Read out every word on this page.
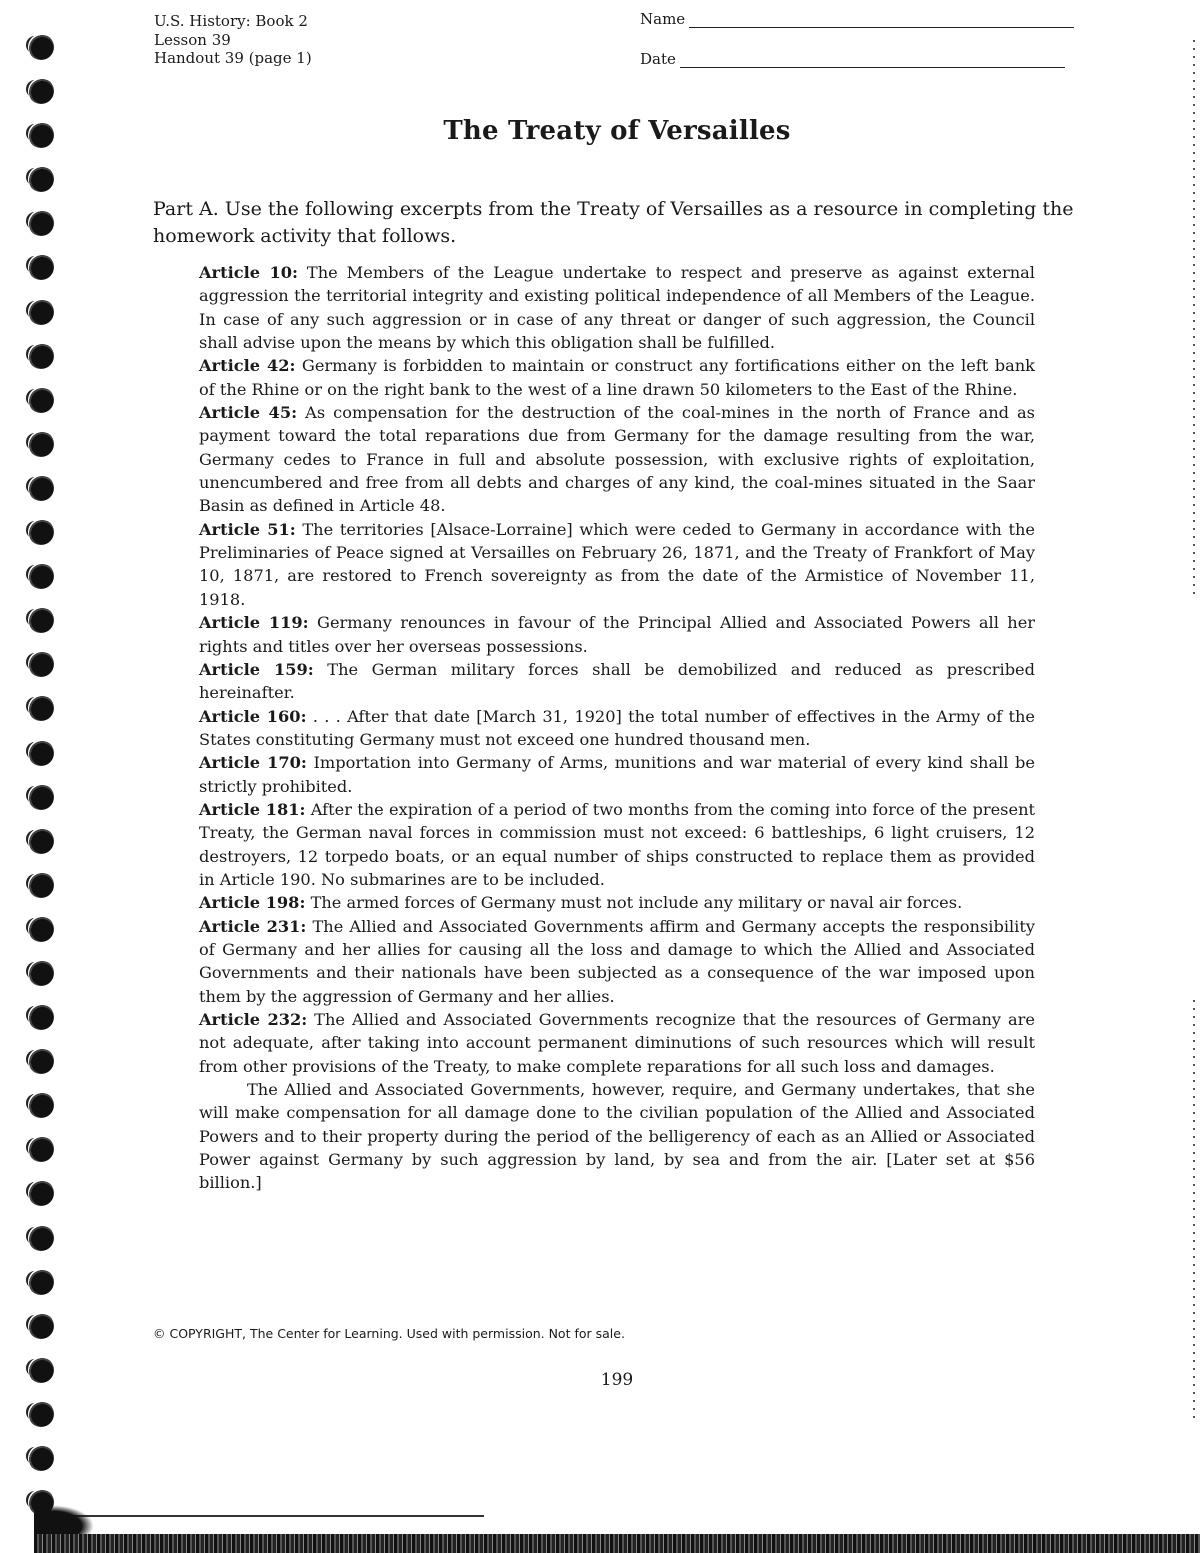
U.S. History: Book 2
Lesson 39
Handout 39 (page 1)
Name
Date
The Treaty of Versailles
Part A. Use the following excerpts from the Treaty of Versailles as a resource in completing the homework activity that follows.

Article 10: The Members of the League undertake to respect and preserve as against external aggression the territorial integrity and existing political independence of all Members of the League. In case of any such aggression or in case of any threat or danger of such aggression, the Council shall advise upon the means by which this obligation shall be fulfilled.

Article 42: Germany is forbidden to maintain or construct any fortifications either on the left bank of the Rhine or on the right bank to the west of a line drawn 50 kilometers to the East of the Rhine.

Article 45: As compensation for the destruction of the coal-mines in the north of France and as payment toward the total reparations due from Germany for the damage resulting from the war, Germany cedes to France in full and absolute possession, with exclusive rights of exploitation, unencumbered and free from all debts and charges of any kind, the coal-mines situated in the Saar Basin as defined in Article 48.

Article 51: The territories [Alsace-Lorraine] which were ceded to Germany in accordance with the Preliminaries of Peace signed at Versailles on February 26, 1871, and the Treaty of Frankfort of May 10, 1871, are restored to French sovereignty as from the date of the Armistice of November 11, 1918.

Article 119: Germany renounces in favour of the Principal Allied and Associated Powers all her rights and titles over her overseas possessions.

Article 159: The German military forces shall be demobilized and reduced as prescribed hereinafter.

Article 160: . . . After that date [March 31, 1920] the total number of effectives in the Army of the States constituting Germany must not exceed one hundred thousand men.

Article 170: Importation into Germany of Arms, munitions and war material of every kind shall be strictly prohibited.

Article 181: After the expiration of a period of two months from the coming into force of the present Treaty, the German naval forces in commission must not exceed: 6 battleships, 6 light cruisers, 12 destroyers, 12 torpedo boats, or an equal number of ships constructed to replace them as provided in Article 190. No submarines are to be included.

Article 198: The armed forces of Germany must not include any military or naval air forces.

Article 231: The Allied and Associated Governments affirm and Germany accepts the responsibility of Germany and her allies for causing all the loss and damage to which the Allied and Associated Governments and their nationals have been subjected as a consequence of the war imposed upon them by the aggression of Germany and her allies.

Article 232: The Allied and Associated Governments recognize that the resources of Germany are not adequate, after taking into account permanent diminutions of such resources which will result from other provisions of the Treaty, to make complete reparations for all such loss and damages.

The Allied and Associated Governments, however, require, and Germany undertakes, that she will make compensation for all damage done to the civilian population of the Allied and Associated Powers and to their property during the period of the belligerency of each as an Allied or Associated Power against Germany by such aggression by land, by sea and from the air. [Later set at $56 billion.]

© COPYRIGHT, The Center for Learning. Used with permission. Not for sale.
199
